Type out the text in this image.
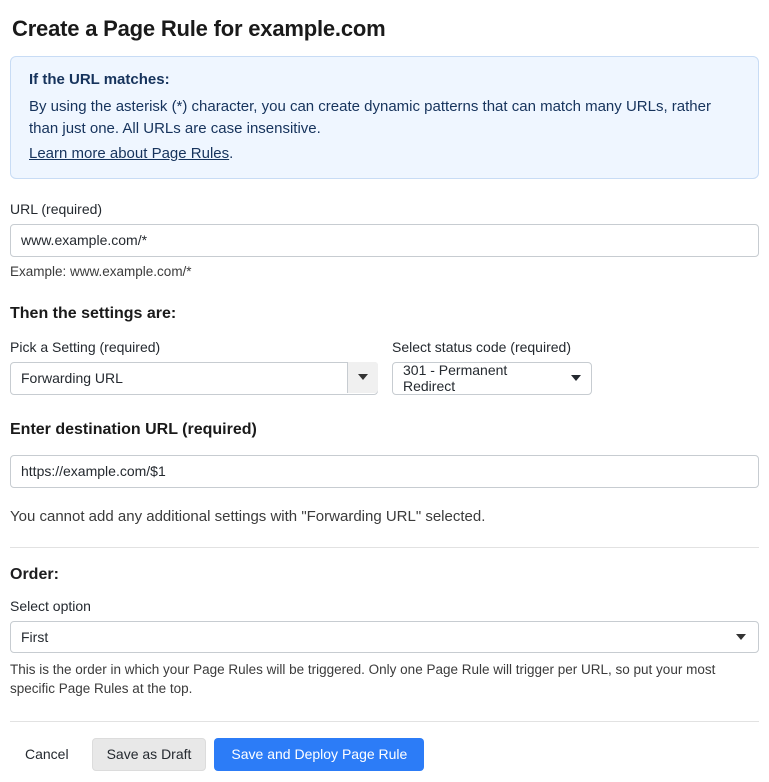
Create a Page Rule for example.com
If the URL matches:
By using the asterisk (*) character, you can create dynamic patterns that can match many URLs, rather than just one. All URLs are case insensitive.
Learn more about Page Rules.
URL (required)
www.example.com/*
Example: www.example.com/*
Then the settings are:
Pick a Setting (required)
Forwarding URL
Select status code (required)
301 - Permanent Redirect
Enter destination URL (required)
https://example.com/$1
You cannot add any additional settings with "Forwarding URL" selected.
Order:
Select option
First
This is the order in which your Page Rules will be triggered. Only one Page Rule will trigger per URL, so put your most specific Page Rules at the top.
Cancel	Save as Draft	Save and Deploy Page Rule
